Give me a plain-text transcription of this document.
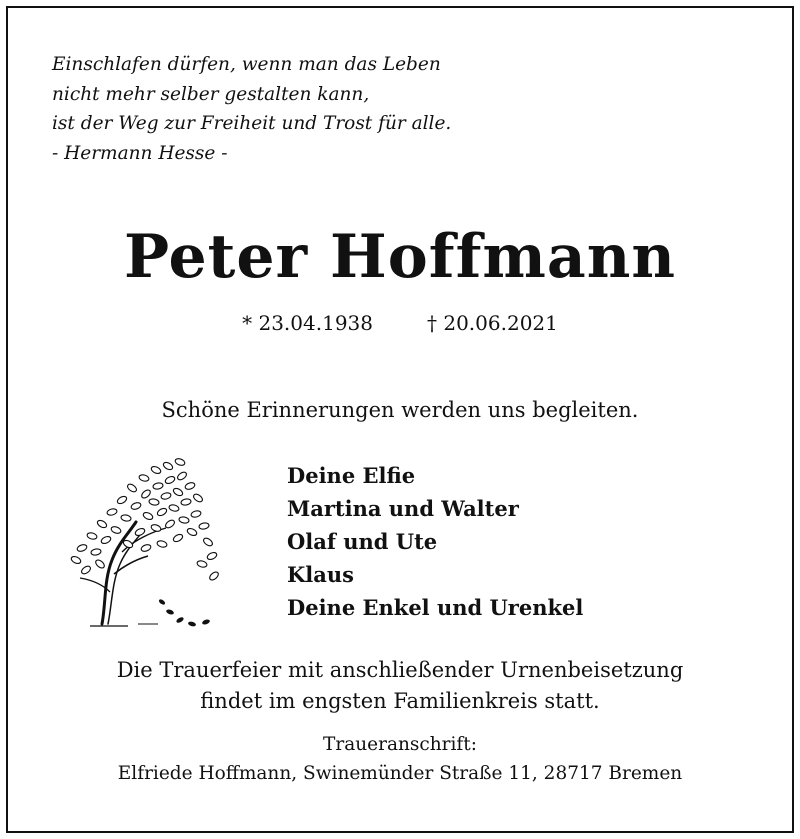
Einschlafen dürfen, wenn man das Leben
nicht mehr selber gestalten kann,
ist der Weg zur Freiheit und Trost für alle.
- Hermann Hesse -
Peter Hoffmann
* 23.04.1938	† 20.06.2021
Schöne Erinnerungen werden uns begleiten.
Deine Elfie
Martina und Walter
Olaf und Ute
Klaus
Deine Enkel und Urenkel
Die Trauerfeier mit anschließender Urnenbeisetzung
findet im engsten Familienkreis statt.
Traueranschrift:
Elfriede Hoffmann, Swinemünder Straße 11, 28717 Bremen
